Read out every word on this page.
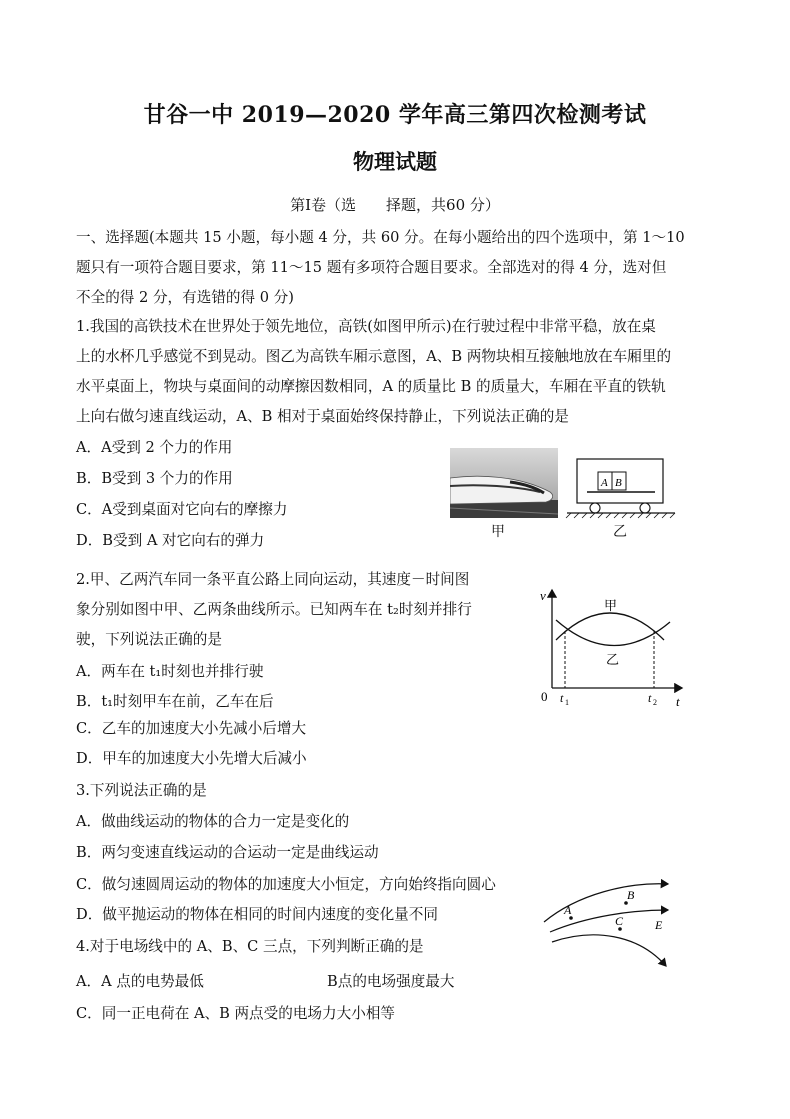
甘谷一中 2019—2020 学年高三第四次检测考试
物理试题
第Ⅰ卷（选　　择题，共60 分）
一、选择题(本题共 15 小题，每小题 4 分，共 60 分。在每小题给出的四个选项中，第 1～10
题只有一项符合题目要求，第 11～15 题有多项符合题目要求。全部选对的得 4 分，选对但
不全的得 2 分，有选错的得 0 分)
1.我国的高铁技术在世界处于领先地位，高铁(如图甲所示)在行驶过程中非常平稳，放在桌
上的水杯几乎感觉不到晃动。图乙为高铁车厢示意图，A、B 两物块相互接触地放在车厢里的
水平桌面上，物块与桌面间的动摩擦因数相同，A 的质量比 B 的质量大，车厢在平直的铁轨
上向右做匀速直线运动，A、B 相对于桌面始终保持静止，下列说法正确的是
A．A受到 2 个力的作用
B．B受到 3 个力的作用
C．A受到桌面对它向右的摩擦力
D．B受到 A 对它向右的弹力	甲
A B
乙
2.甲、乙两汽车同一条平直公路上同向运动，其速度－时间图
象分别如图中甲、乙两条曲线所示。已知两车在 t₂时刻并排行
驶，下列说法正确的是
A．两车在 t₁时刻也并排行驶
B．t₁时刻甲车在前，乙车在后
C．乙车的加速度大小先减小后增大
D．甲车的加速度大小先增大后减小
v
t
0 t 1	t 2
甲
乙
3.下列说法正确的是
A．做曲线运动的物体的合力一定是变化的
B．两匀变速直线运动的合运动一定是曲线运动
C．做匀速圆周运动的物体的加速度大小恒定，方向始终指向圆心
D．做平抛运动的物体在相同的时间内速度的变化量不同	A
B
C	E
4.对于电场线中的 A、B、C 三点，下列判断正确的是
A．A 点的电势最低	B点的电场强度最大
C．同一正电荷在 A、B 两点受的电场力大小相等
